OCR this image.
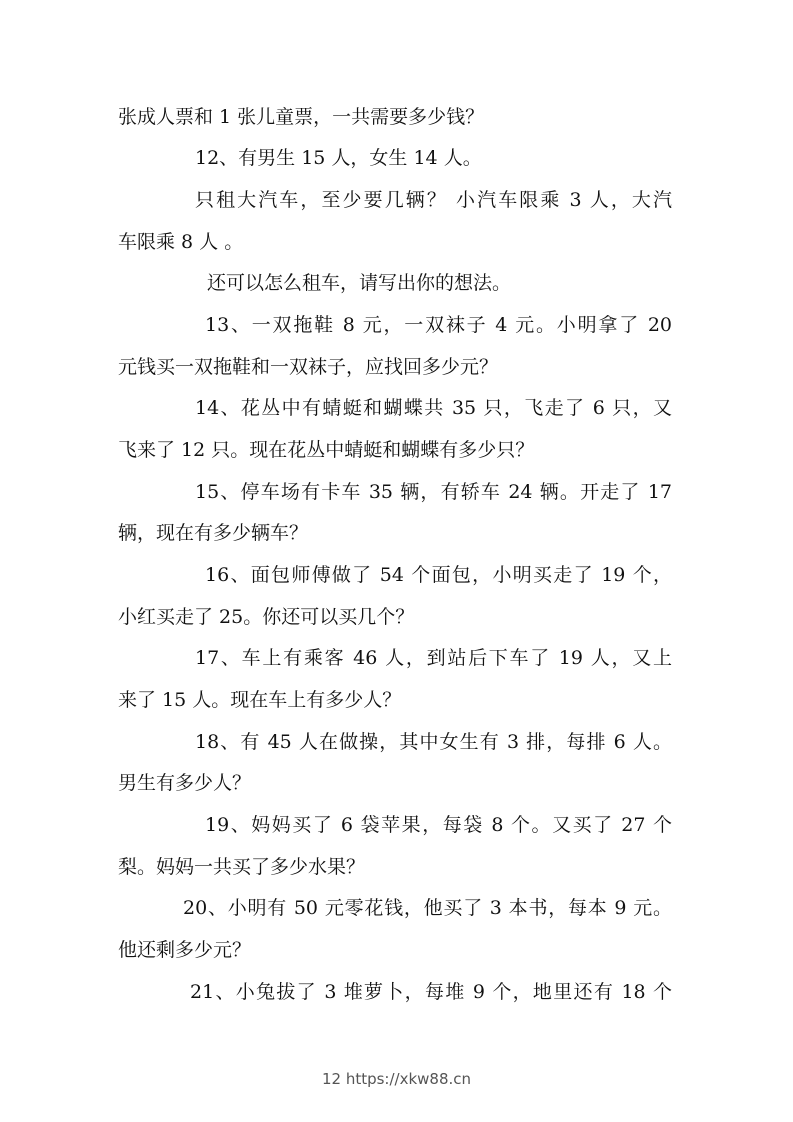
张成人票和 1 张儿童票，一共需要多少钱？
12、有男生 15 人，女生 14 人。
只租大汽车，至少要几辆？ 小汽车限乘 3 人，大汽
车限乘 8 人 。
还可以怎么租车，请写出你的想法。
13、一双拖鞋 8 元，一双袜子 4 元。小明拿了 20
元钱买一双拖鞋和一双袜子，应找回多少元？
14、花丛中有蜻蜓和蝴蝶共 35 只，飞走了 6 只，又
飞来了 12 只。现在花丛中蜻蜓和蝴蝶有多少只？
15、停车场有卡车 35 辆，有轿车 24 辆。开走了 17
辆，现在有多少辆车？
16、面包师傅做了 54 个面包，小明买走了 19 个，
小红买走了 25。你还可以买几个？
17、车上有乘客 46 人，到站后下车了 19 人，又上
来了 15 人。现在车上有多少人？
18、有 45 人在做操，其中女生有 3 排，每排 6 人。
男生有多少人？
19、妈妈买了 6 袋苹果，每袋 8 个。又买了 27 个
梨。妈妈一共买了多少水果？
20、小明有 50 元零花钱，他买了 3 本书，每本 9 元。
他还剩多少元？
21、小兔拔了 3 堆萝卜，每堆 9 个，地里还有 18 个
12 https://xkw88.cn
